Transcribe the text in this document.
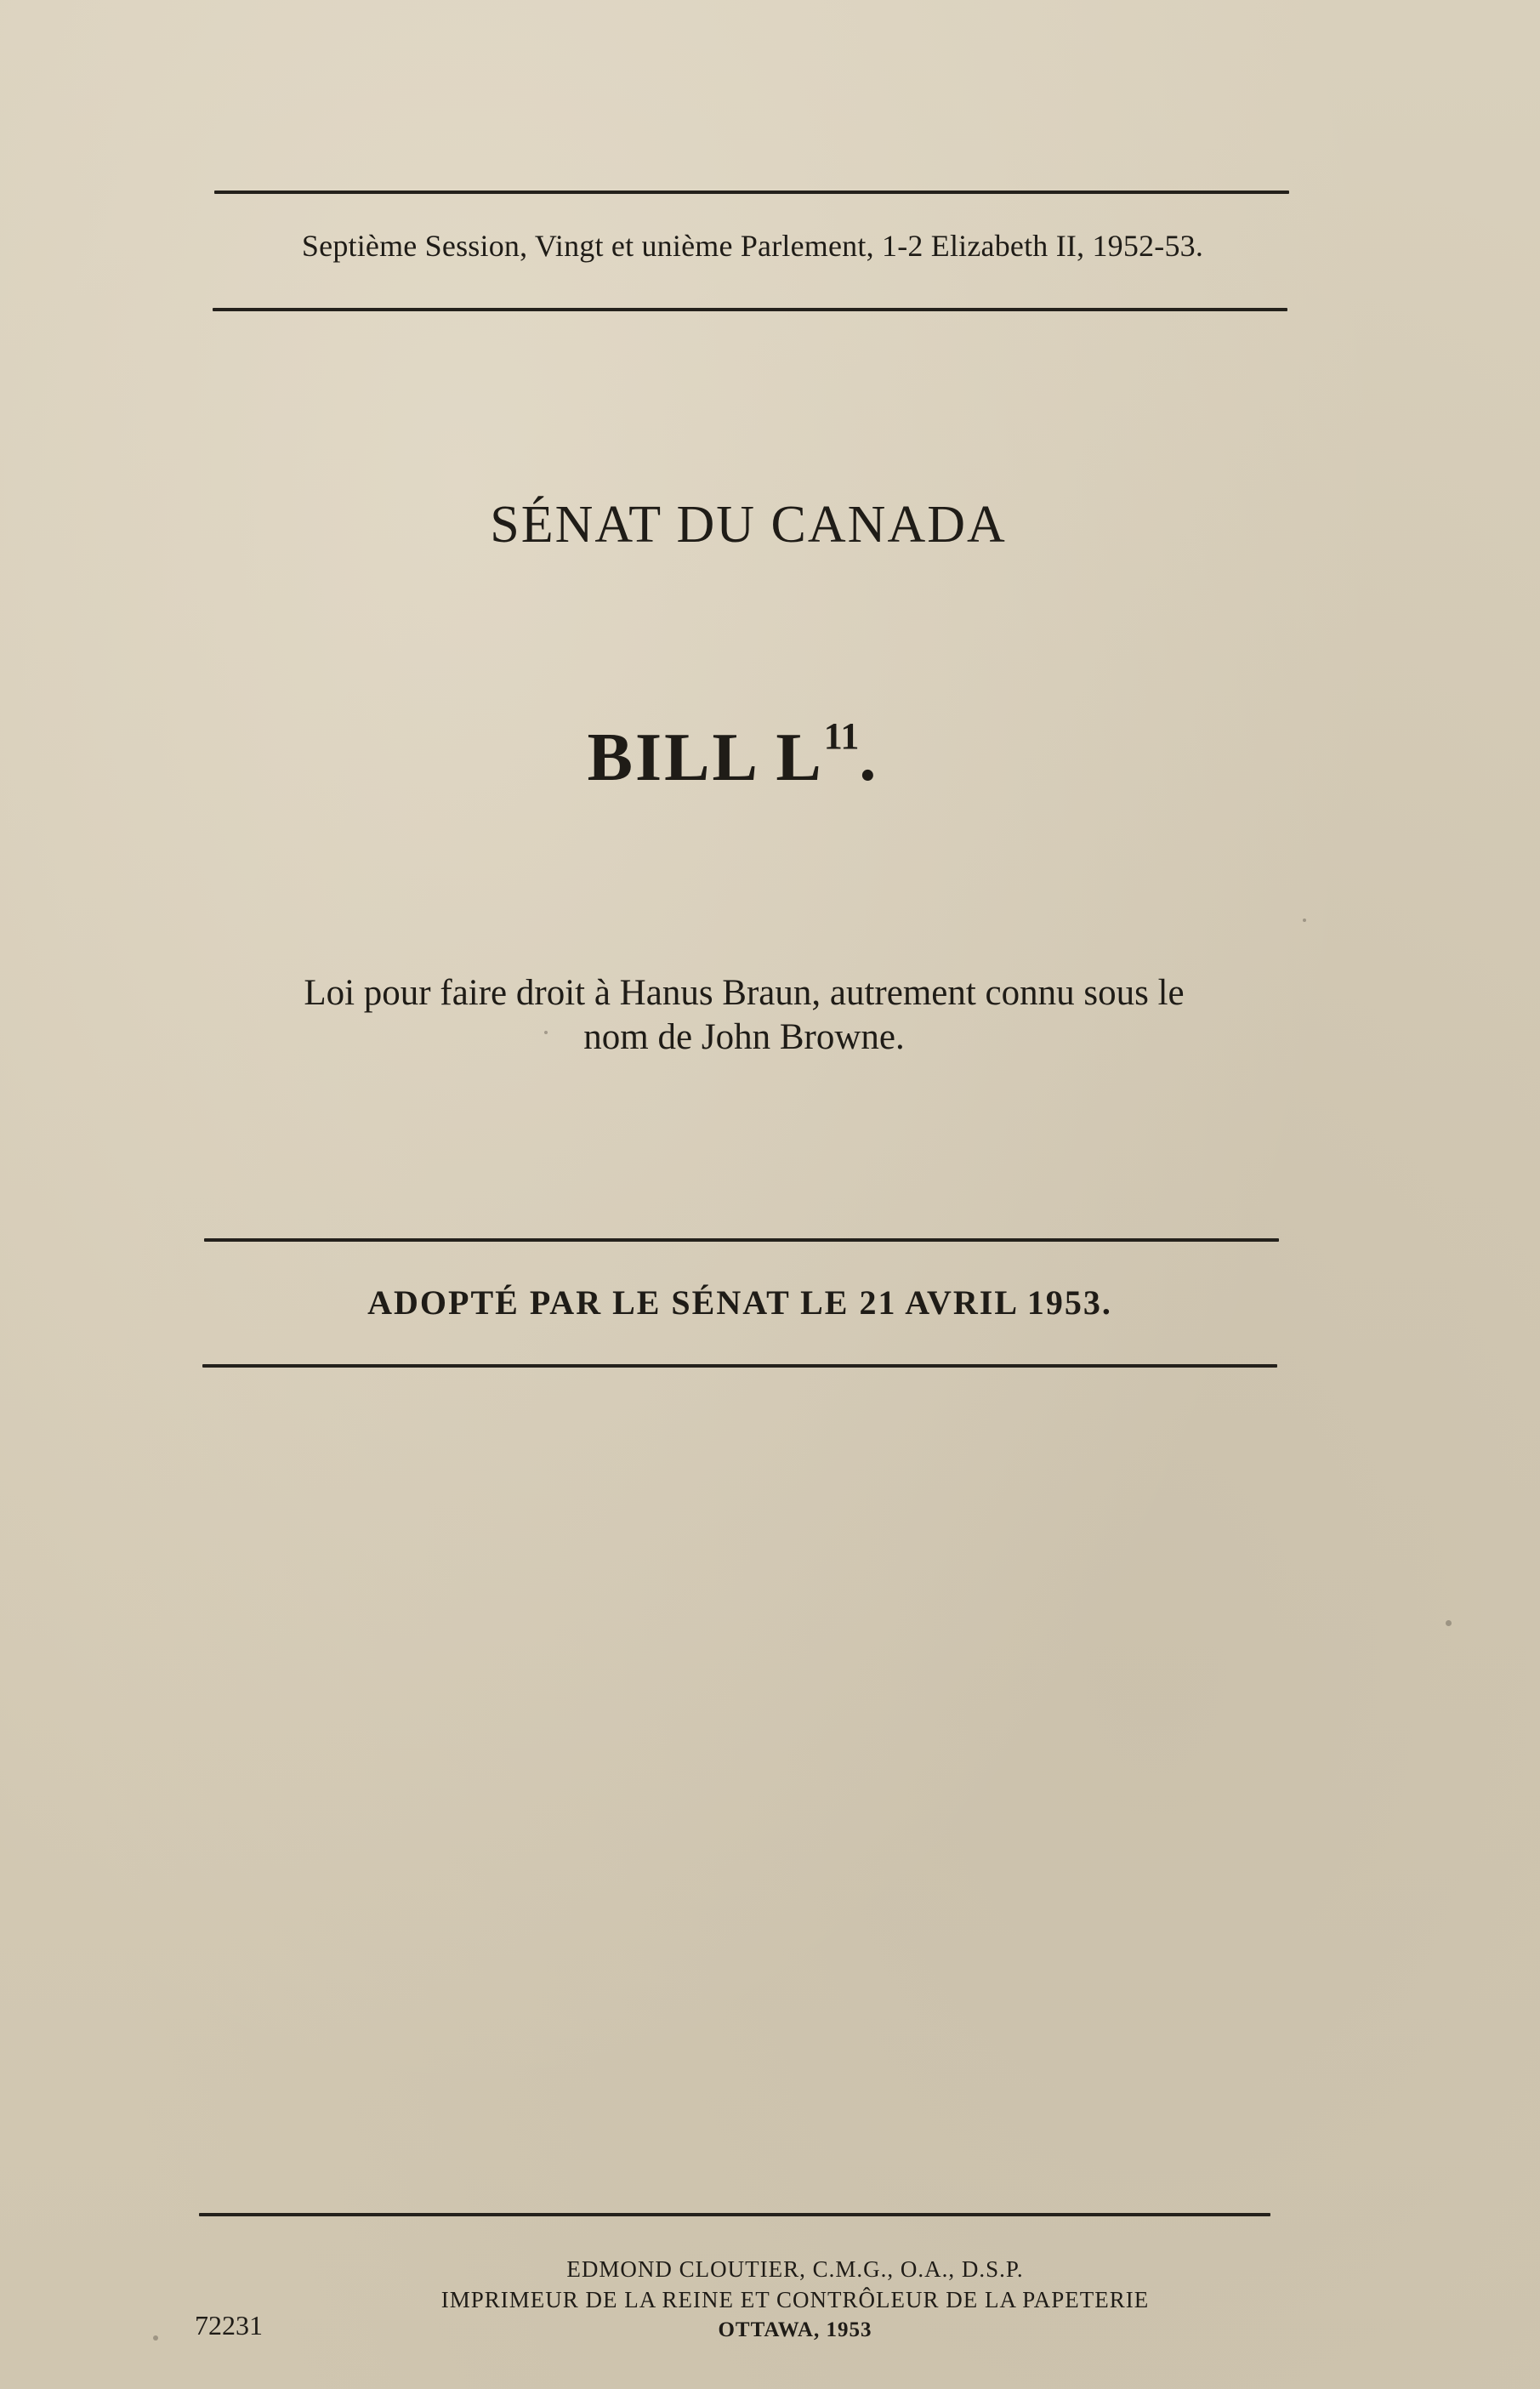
Septième Session, Vingt et unième Parlement, 1-2 Elizabeth II, 1952-53.
SÉNAT DU CANADA
BILL $L^{11}$.
Loi pour faire droit à Hanus Braun, autrement connu sous le
nom de John Browne.
ADOPTÉ PAR LE SÉNAT LE 21 AVRIL 1953.
EDMOND CLOUTIER, C.M.G., O.A., D.S.P.
IMPRIMEUR DE LA REINE ET CONTRÔLEUR DE LA PAPETERIE
OTTAWA, 1953
72231
